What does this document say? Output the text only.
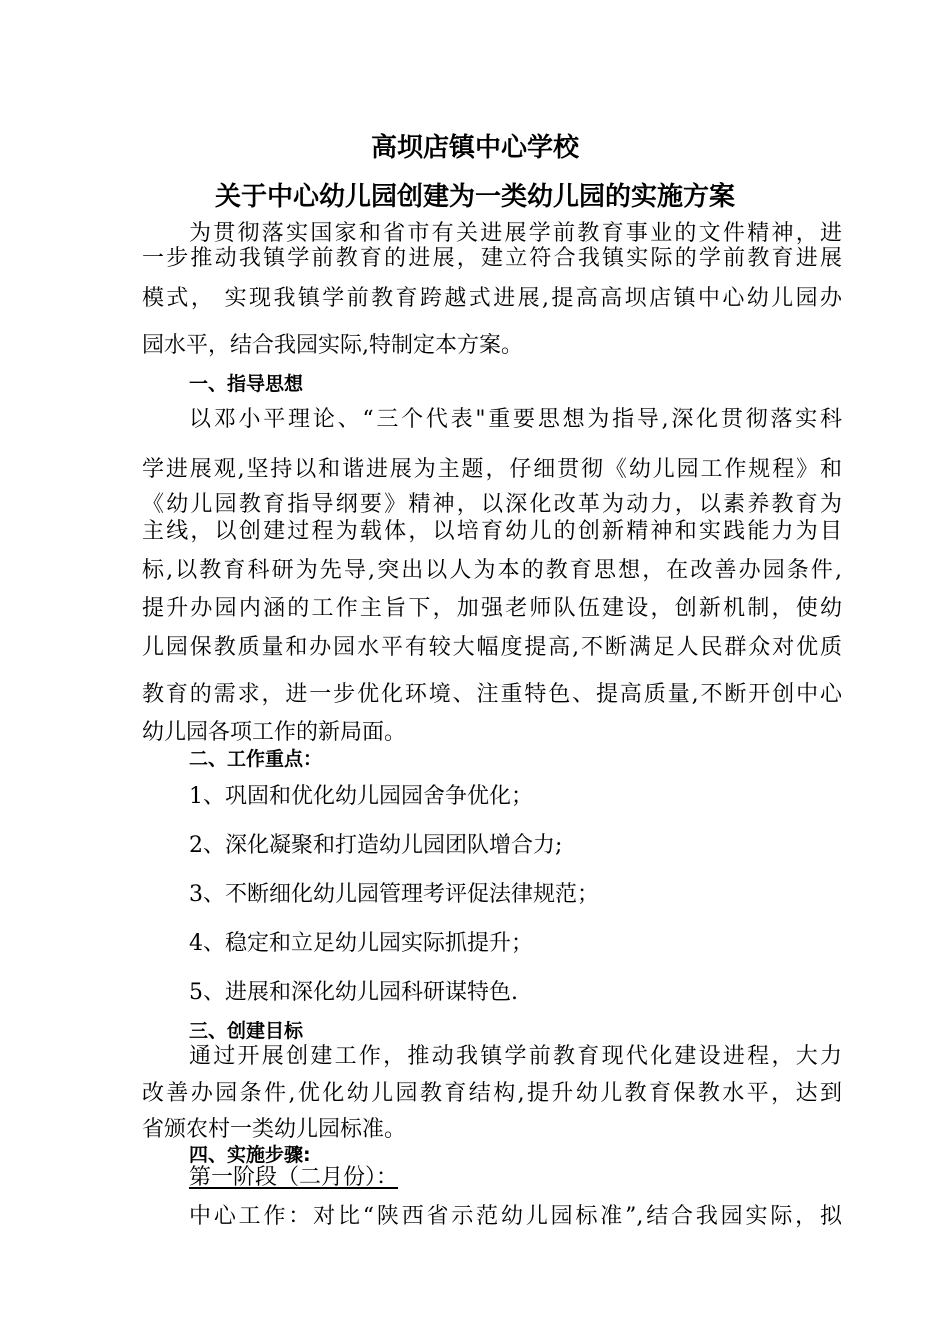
高坝店镇中心学校
关于中心幼儿园创建为一类幼儿园的实施方案
为贯彻落实国家和省市有关进展学前教育事业的文件精神，进
一步推动我镇学前教育的进展，建立符合我镇实际的学前教育进展
模式， 实现我镇学前教育跨越式进展,提高高坝店镇中心幼儿园办
园水平，结合我园实际,特制定本方案。
一、指导思想
以邓小平理论、“三个代表"重要思想为指导,深化贯彻落实科
学进展观,坚持以和谐进展为主题，仔细贯彻《幼儿园工作规程》和
《幼儿园教育指导纲要》精神，以深化改革为动力，以素养教育为
主线，以创建过程为载体，以培育幼儿的创新精神和实践能力为目
标,以教育科研为先导,突出以人为本的教育思想，在改善办园条件,
提升办园内涵的工作主旨下，加强老师队伍建设，创新机制，使幼
儿园保教质量和办园水平有较大幅度提高,不断满足人民群众对优质
教育的需求，进一步优化环境、注重特色、提高质量,不断开创中心
幼儿园各项工作的新局面。
二、工作重点：
1、巩固和优化幼儿园园舍争优化；
2、深化凝聚和打造幼儿园团队增合力;
3、不断细化幼儿园管理考评促法律规范；
4、稳定和立足幼儿园实际抓提升；
5、进展和深化幼儿园科研谋特色.
三、创建目标
通过开展创建工作，推动我镇学前教育现代化建设进程，大力
改善办园条件,优化幼儿园教育结构,提升幼儿教育保教水平，达到
省颁农村一类幼儿园标准。
四、实施步骤:
第一阶段（二月份）：
中心工作：对比“陕西省示范幼儿园标准”,结合我园实际，拟
